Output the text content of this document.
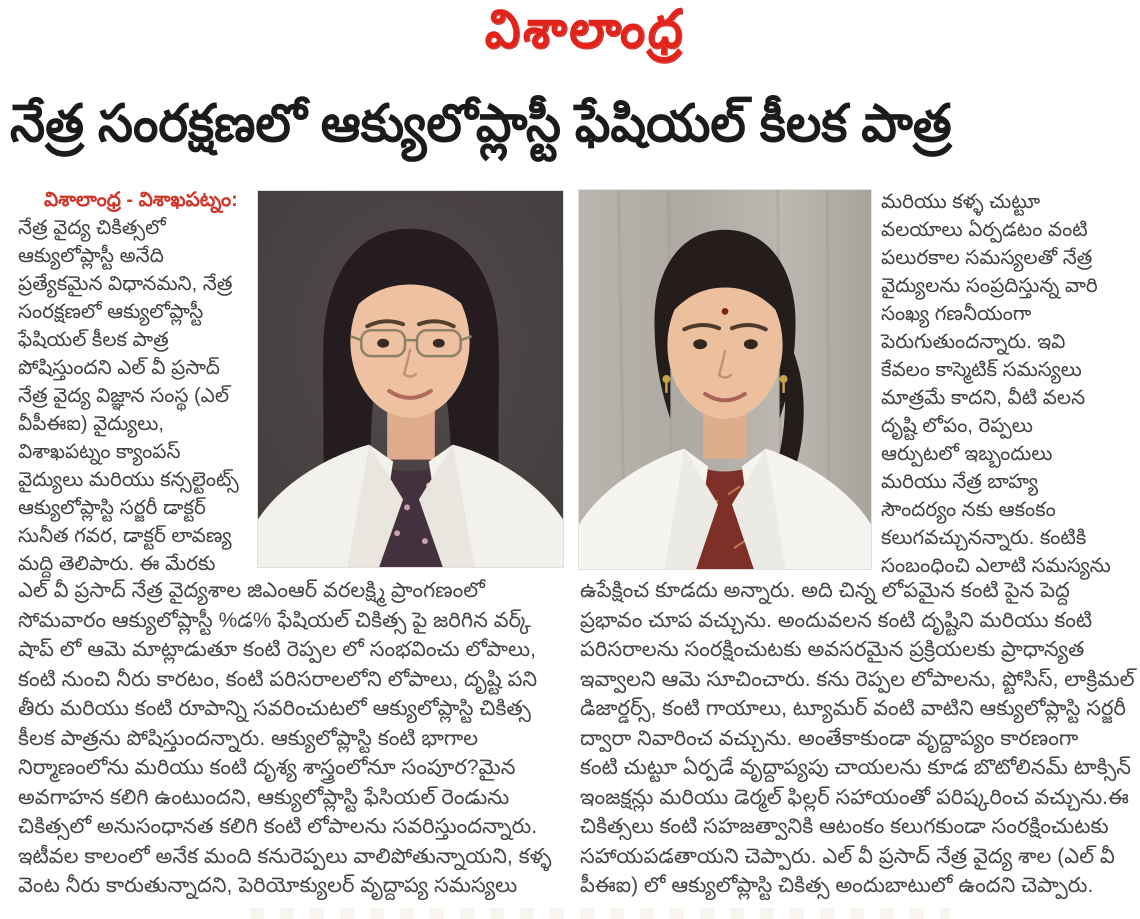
విశాలాంధ్ర
నేత్ర సంరక్షణలో ఆక్యులోప్లాస్టీ ఫేషియల్ కీలక పాత్ర
విశాలాంధ్ర - విశాఖపట్నం:
నేత్ర వైద్య చికిత్సలో
ఆక్యులోప్లాస్టీ అనేది
ప్రత్యేకమైన విధానమని, నేత్ర
సంరక్షణలో ఆక్యులోప్లాస్టీ
ఫేషియల్ కీలక పాత్ర
పోషిస్తుందని ఎల్ వీ ప్రసాద్
నేత్ర వైద్య విజ్ఞాన సంస్థ (ఎల్
వీపీఈఐ) వైద్యులు,
విశాఖపట్నం క్యాంపస్
వైద్యులు మరియు కన్సల్టెంట్స్
ఆక్యులోప్లాస్టి సర్జరీ డాక్టర్
సునీత గవర, డాక్టర్ లావణ్య
మద్ది తెలిపారు. ఈ మేరకు
మరియు కళ్ళ చుట్టూ
వలయాలు ఏర్పడటం వంటి
పలురకాల సమస్యలతో నేత్ర
వైద్యులను సంప్రదిస్తున్న వారి
సంఖ్య గణనీయంగా
పెరుగుతుందన్నారు. ఇవి
కేవలం కాస్మెటిక్ సమస్యలు
మాత్రమే కాదని, వీటి వలన
దృష్టి లోపం, రెప్పలు
ఆర్పుటలో ఇబ్బందులు
మరియు నేత్ర బాహ్య
సౌందర్యం నకు ఆకంకం
కలుగవచ్చునన్నారు. కంటికి
సంబంధించి ఎలాటి సమస్యను
ఎల్ వీ ప్రసాద్ నేత్ర వైద్యశాల జిఎంఆర్ వరలక్ష్మి ప్రాంగణంలో
సోమవారం ఆక్యులోప్లాస్టీ %డ% ఫేషియల్ చికిత్స పై జరిగిన వర్క్
షాప్ లో ఆమె మాట్లాడుతూ కంటి రెప్పల లో సంభవించు లోపాలు,
కంటి నుంచి నీరు కారటం, కంటి పరిసరాలలోని లోపాలు, దృష్టి పని
తీరు మరియు కంటి రూపాన్ని సవరించుటలో ఆక్యులోప్లాస్టి చికిత్స
కీలక పాత్రను పోషిస్తుందన్నారు. ఆక్యులోప్లాస్టి కంటి భాగాల
నిర్మాణంలోను మరియు కంటి దృశ్య శాస్త్రంలోనూ సంపూర?మైన
అవగాహన కలిగి ఉంటుందని, ఆక్యులోప్లాస్టి ఫేసియల్ రెండును
చికిత్సలో అనుసంధానత కలిగి కంటి లోపాలను సవరిస్తుందన్నారు.
ఇటీవల కాలంలో అనేక మంది కనురెప్పలు వాలిపోతున్నాయని, కళ్ళ
వెంట నీరు కారుతున్నాదని, పెరియోక్యులర్ వృద్దాప్య సమస్యలు
ఉపేక్షించ కూడదు అన్నారు. అది చిన్న లోపమైన కంటి పైన పెద్ద
ప్రభావం చూప వచ్చును. అందువలన కంటి దృష్టిని మరియు కంటి
పరిసరాలను సంరక్షించుటకు అవసరమైన ప్రక్రియలకు ప్రాధాన్యత
ఇవ్వాలని ఆమె సూచించారు. కను రెప్పల లోపాలను, ప్టోసిస్, లాక్రిమల్
డిజార్డర్స్, కంటి గాయాలు, ట్యూమర్ వంటి వాటిని ఆక్యులోప్లాస్టి సర్జరీ
ద్వారా నివారించ వచ్చును. అంతేకాకుండా వృద్దాప్యం కారణంగా
కంటి చుట్టూ ఏర్పడే వృద్దాప్యపు చాయలను కూడ బొటోలినమ్ టాక్సిన్
ఇంజక్షన్లు మరియు డెర్మల్ ఫిల్లర్ సహాయంతో పరిష్కరించ వచ్చును.ఈ
చికిత్సలు కంటి సహజత్వానికి ఆటంకం కలుగకుండా సంరక్షించుటకు
సహాయపడతాయని చెప్పారు. ఎల్ వీ ప్రసాద్ నేత్ర వైద్య శాల (ఎల్ వీ
పీఈఐ) లో ఆక్యులోప్లాస్టి చికిత్స అందుబాటులో ఉందని చెప్పారు.
